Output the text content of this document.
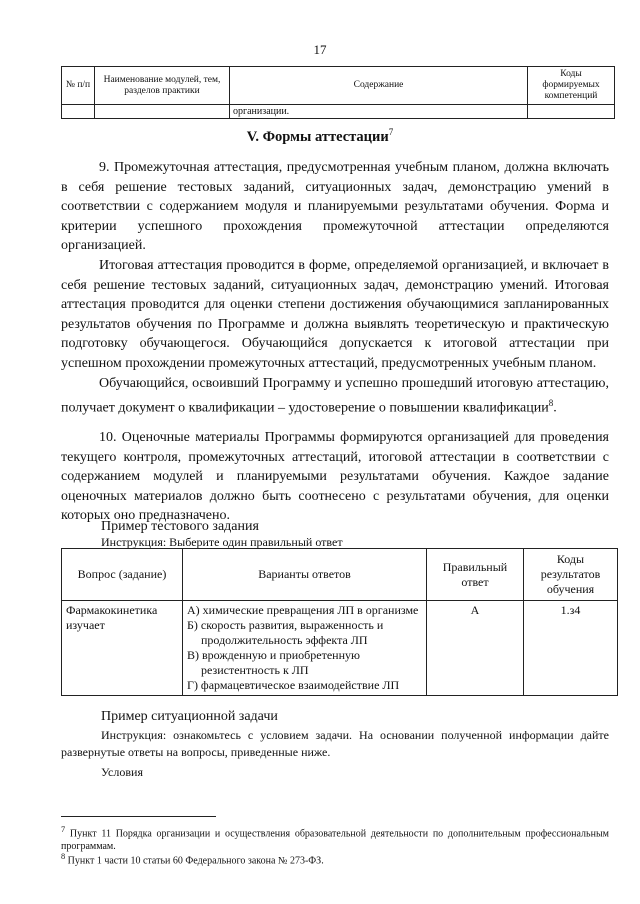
17
№ п/п	Наименование модулей, тем, разделов практики	Содержание	Коды формируемых компетенций
		организации.	
V. Формы аттестации$^7$

9. Промежуточная аттестация, предусмотренная учебным планом, должна включать в себя решение тестовых заданий, ситуационных задач, демонстрацию умений в соответствии с содержанием модуля и планируемыми результатами обучения. Форма и критерии успешного прохождения промежуточной аттестации определяются организацией.

Итоговая аттестация проводится в форме, определяемой организацией, и включает в себя решение тестовых заданий, ситуационных задач, демонстрацию умений. Итоговая аттестация проводится для оценки степени достижения обучающимися запланированных результатов обучения по Программе и должна выявлять теоретическую и практическую подготовку обучающегося. Обучающийся допускается к итоговой аттестации при успешном прохождении промежуточных аттестаций, предусмотренных учебным планом.

Обучающийся, освоивший Программу и успешно прошедший итоговую аттестацию, получает документ о квалификации – удостоверение о повышении квалификации$^8$.

10. Оценочные материалы Программы формируются организацией для проведения текущего контроля, промежуточных аттестаций, итоговой аттестации в соответствии с содержанием модулей и планируемыми результатами обучения. Каждое задание оценочных материалов должно быть соотнесено с результатами обучения, для оценки которых оно предназначено.

Пример тестового задания

Инструкция: Выберите один правильный ответ

Вопрос (задание)	Варианты ответов	Правильный ответ	Коды результатов обучения
Фармакокинетика изучает	А) химические превращения ЛП в организме
Б) скорость развития, выраженность и продолжительность эффекта ЛП
В) врожденную и приобретенную резистентность к ЛП
Г) фармацевтическое взаимодействие ЛП	А	1.з4

Пример ситуационной задачи

Инструкция: ознакомьтесь с условием задачи. На основании полученной информации дайте развернутые ответы на вопросы, приведенные ниже.

Условия

$^7$ Пункт 11 Порядка организации и осуществления образовательной деятельности по дополнительным профессиональным программам.

$^8$ Пункт 1 части 10 статьи 60 Федерального закона № 273-ФЗ.
